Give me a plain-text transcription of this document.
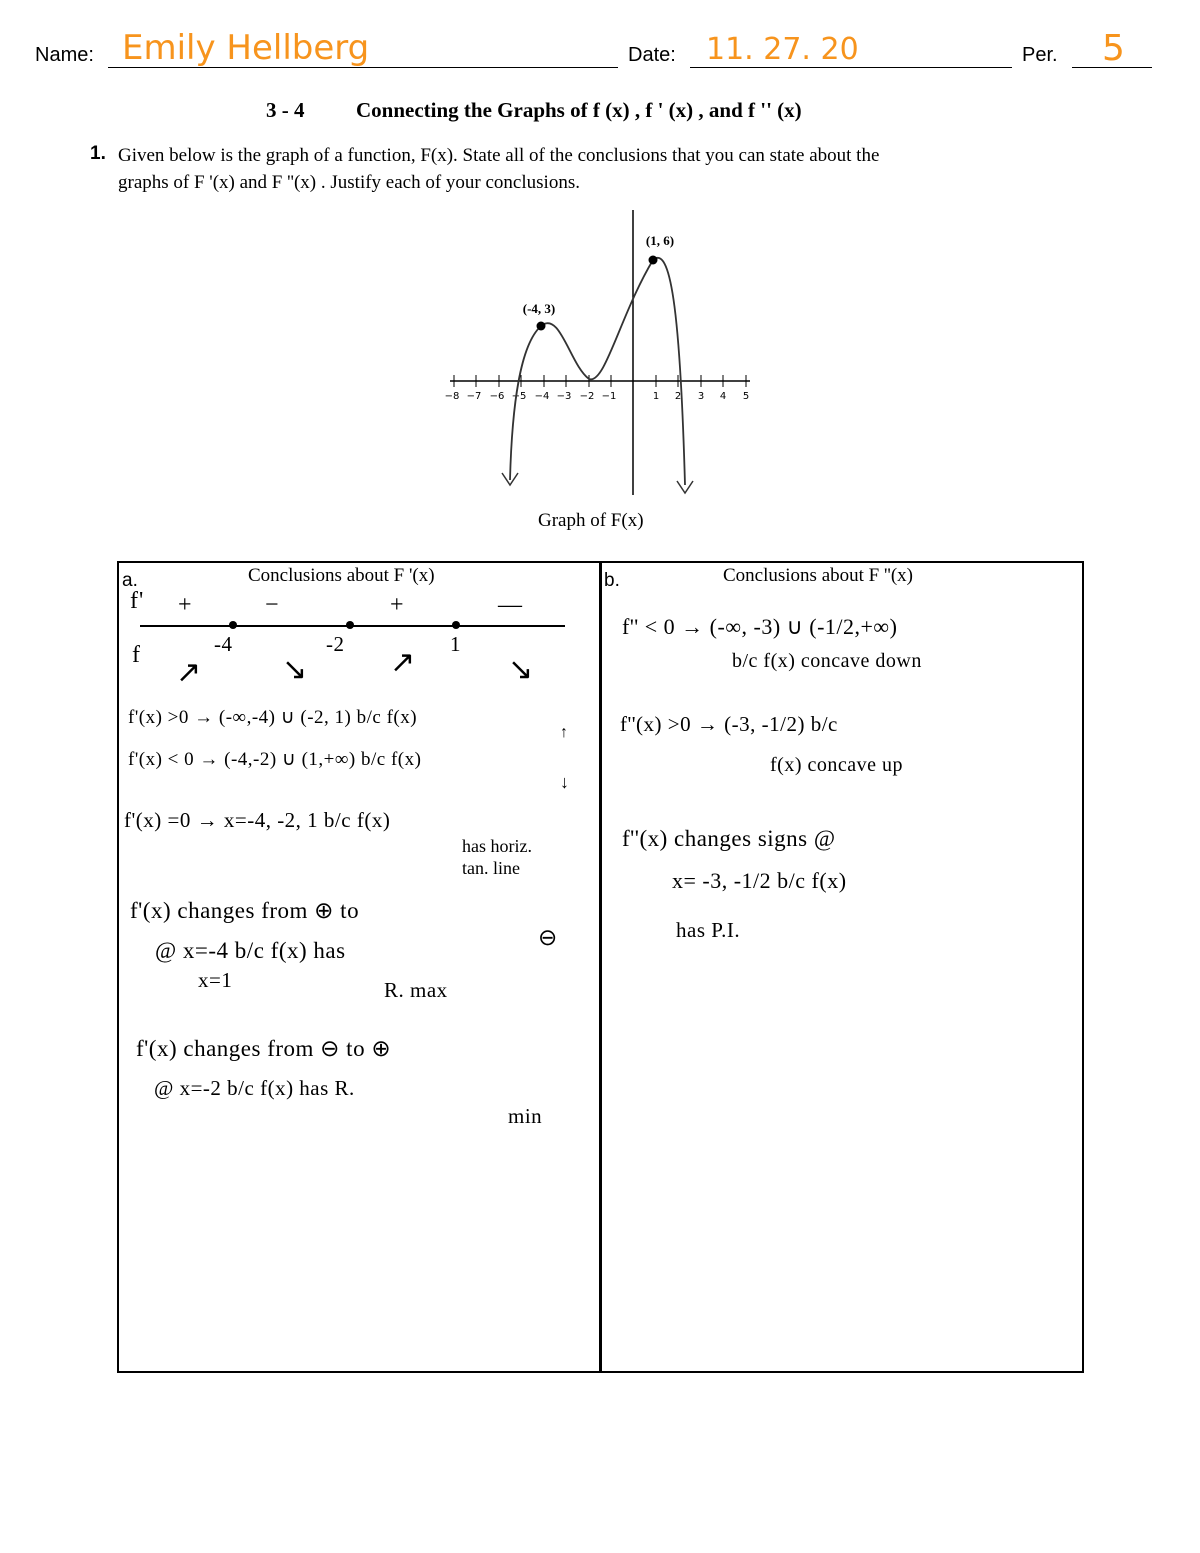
Name: Emily Hellberg	Date: 11. 27. 20	Per. 5
3 - 4 Connecting the Graphs of f (x) , f ' (x) , and f '' (x)
1. Given below is the graph of a function, F(x). State all of the conclusions that you can state about the
graphs of F '(x) and F ''(x) . Justify each of your conclusions.
−8 −7 −6 −5 −4 −3 −2 −1	1 2 3 4 5
(-4, 3)
(1, 6)
Graph of F(x)
a.	Conclusions about F '(x)
f' +	−	+	—
f	-4	-2	1
↗	↘	↗	↘
f'(x) >0 → (-∞,-4) ∪ (-2, 1) b/c f(x)
↑
f'(x) < 0 → (-4,-2) ∪ (1,+∞) b/c f(x)
↓
f'(x) =0 → x=-4, -2, 1 b/c f(x)
has horiz.
tan. line
f'(x) changes from ⊕ to
⊖
@ x=-4 b/c f(x) has
x=1	R. max
f'(x) changes from ⊖ to ⊕
@ x=-2 b/c f(x) has R.
min
b.	Conclusions about F ''(x)
f'' < 0 → (-∞, -3) ∪ (-1/2,+∞)
b/c f(x) concave down
f''(x) >0 → (-3, -1/2) b/c
f(x) concave up
f''(x) changes signs @
x= -3, -1/2 b/c f(x)
has P.I.
